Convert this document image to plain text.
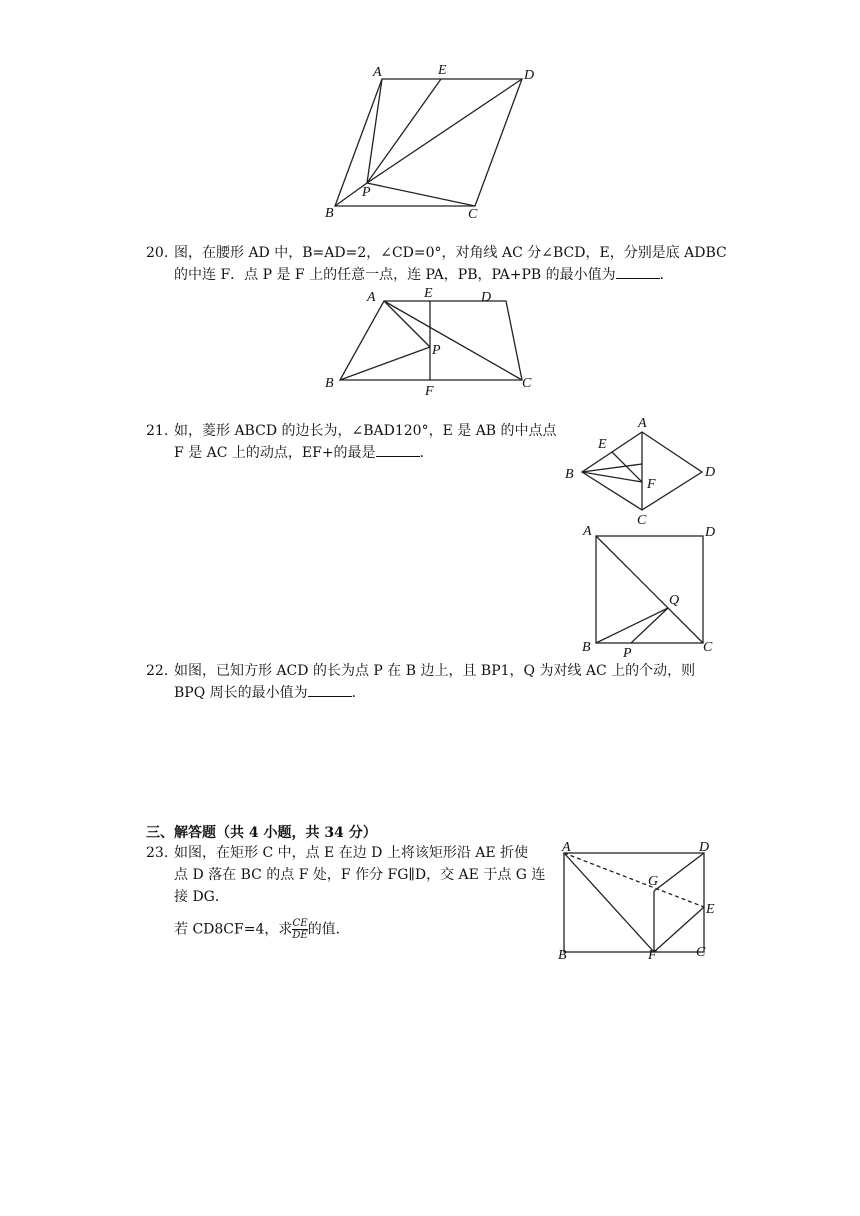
A	E	D
P
B	C
20. 图，在腰形 AD 中，B=AD=2，∠CD=0°，对角线 AC 分∠BCD，E，分别是底 ADBC
的中连 F．点 P 是 F 上的任意一点，连 PA，PB，PA+PB 的最小值为	．
A	E	D
P
B
F
C
21. 如，菱形 ABCD 的边长为，∠BAD120°，E 是 AB 的中点点
F 是 AC 上的动点，EF+的最是	．
A
E
B
F
D
C
A	D
Q
B P	C
22. 如图，已知方形 ACD 的长为点 P 在 B 边上，且 BP1，Q 为对线 AC 上的个动，则
BPQ 周长的最小值为	．
三、解答题（共 4 小题，共 34 分）
23. 如图，在矩形 C 中，点 E 在边 D 上将该矩形沿 AE 折使
点 D 落在 BC 的点 F 处，F 作分 FG∥D，交 AE 于点 G 连
接 DG．
若 CD8CF=4，求 $\frac{CE}{DE}$ 的值．
A	D
G
E
B	F	C
